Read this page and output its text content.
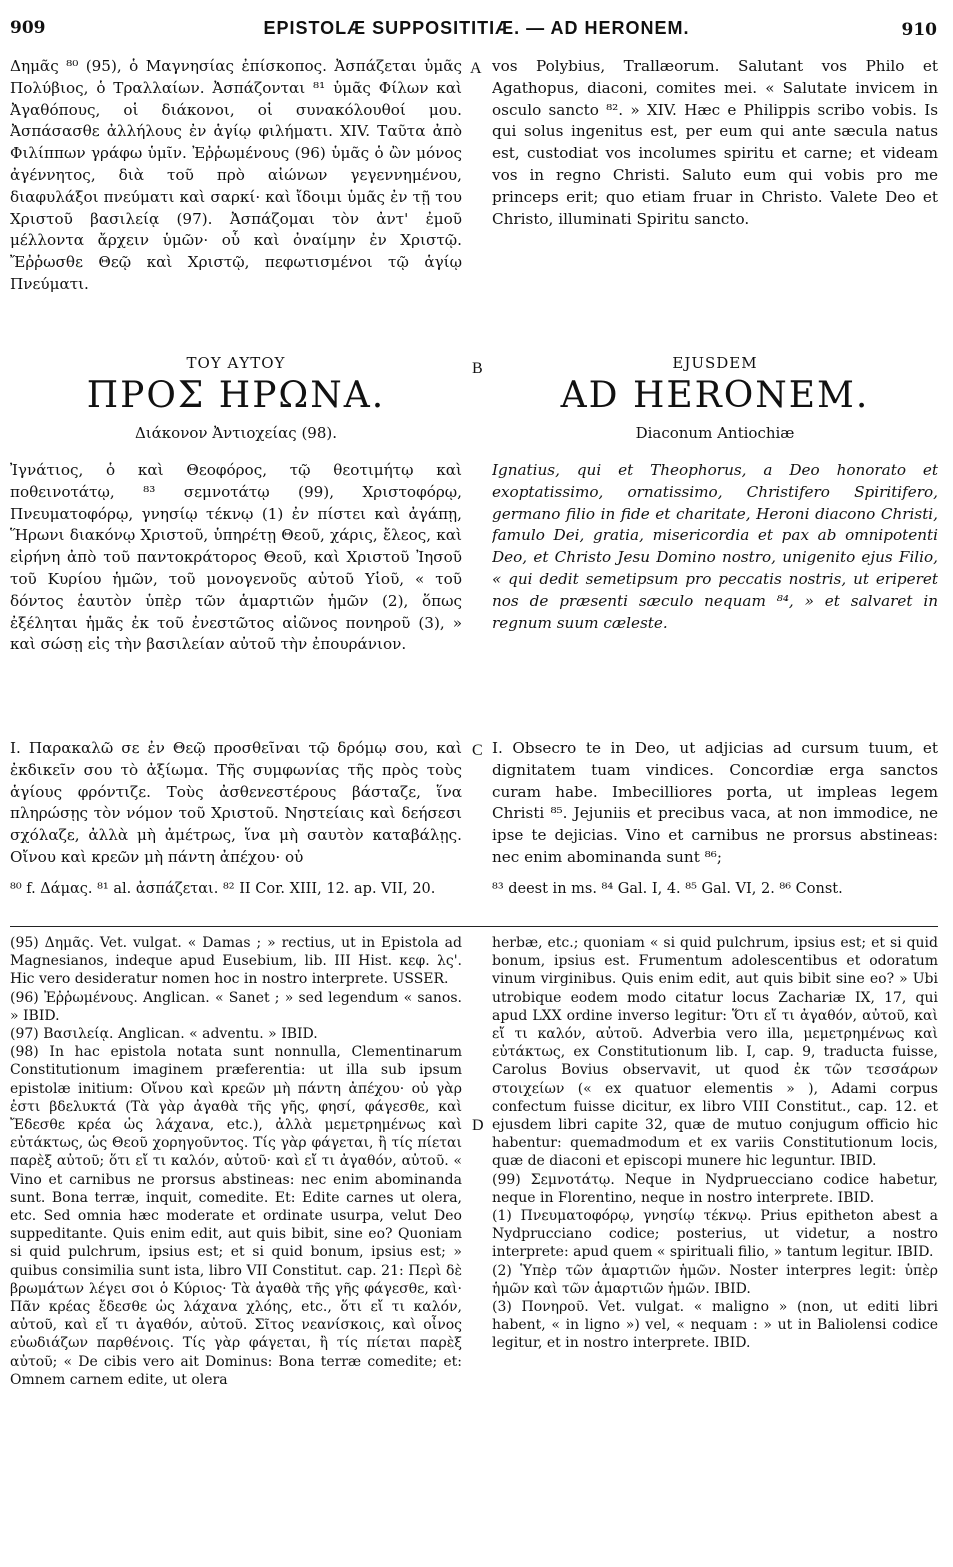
909	EPISTOLÆ SUPPOSITITIÆ. — AD HERONEM.	910
A
B
C
D

Δημᾶς ⁸⁰ (95), ὁ Μαγνησίας ἐπίσκοπος. Ἀσπάζεται ὑμᾶς Πολύβιος, ὁ Τραλλαίων. Ἀσπάζονται ⁸¹ ὑμᾶς Φίλων καὶ Ἀγαθόπους, οἱ διάκονοι, οἱ συνακόλουθοί μου. Ἀσπάσασθε ἀλλήλους ἐν ἁγίῳ φιλήματι. XIV. Ταῦτα ἀπὸ Φιλίππων γράφω ὑμῖν. Ἐῤῥωμένους (96) ὑμᾶς ὁ ὢν μόνος ἀγέννητος, διὰ τοῦ πρὸ αἰώνων γεγεννημένου, διαφυλάξοι πνεύματι καὶ σαρκί· καὶ ἴδοιμι ὑμᾶς ἐν τῇ του Χριστοῦ βασιλείᾳ (97). Ἀσπάζομαι τὸν ἀντ' ἐμοῦ μέλλοντα ἄρχειν ὑμῶν· οὗ καὶ ὀναίμην ἐν Χριστῷ. Ἔῤῥωσθε Θεῷ καὶ Χριστῷ, πεφωτισμένοι τῷ ἁγίῳ Πνεύματι.

vos Polybius, Trallæorum. Salutant vos Philo et Agathopus, diaconi, comites mei. « Salutate invicem in osculo sancto ⁸². » XIV. Hæc e Philippis scribo vobis. Is qui solus ingenitus est, per eum qui ante sæcula natus est, custodiat vos incolumes spiritu et carne; et videam vos in regno Christi. Saluto eum qui vobis pro me princeps erit; quo etiam fruar in Christo. Valete Deo et Christo, illuminati Spiritu sancto.

ΤΟΥ ΑΥΤΟΥ
ΠΡΟΣ ΗΡΩΝΑ.
Διάκονον Ἀντιοχείας (98).
EJUSDEM
AD HERONEM.
Diaconum Antiochiæ

Ἰγνάτιος, ὁ καὶ Θεοφόρος, τῷ θεοτιμήτῳ καὶ ποθεινοτάτῳ, ⁸³ σεμνοτάτῳ (99), Χριστοφόρῳ, Πνευματοφόρῳ, γνησίῳ τέκνῳ (1) ἐν πίστει καὶ ἀγάπῃ, Ἥρωνι διακόνῳ Χριστοῦ, ὑπηρέτῃ Θεοῦ, χάρις, ἔλεος, καὶ εἰρήνη ἀπὸ τοῦ παντοκράτορος Θεοῦ, καὶ Χριστοῦ Ἰησοῦ τοῦ Κυρίου ἡμῶν, τοῦ μονογενοῦς αὐτοῦ Υἱοῦ, « τοῦ δόντος ἑαυτὸν ὑπὲρ τῶν ἁμαρτιῶν ἡμῶν (2), ὅπως ἐξέληται ἡμᾶς ἐκ τοῦ ἐνεστῶτος αἰῶνος πονηροῦ (3), » καὶ σώσῃ εἰς τὴν βασιλείαν αὐτοῦ τὴν ἐπουράνιον.

Ignatius, qui et Theophorus, a Deo honorato et exoptatissimo, ornatissimo, Christifero Spiritifero, germano filio in fide et charitate, Heroni diacono Christi, famulo Dei, gratia, misericordia et pax ab omnipotenti Deo, et Christo Jesu Domino nostro, unigenito ejus Filio, « qui dedit semetipsum pro peccatis nostris, ut eriperet nos de præsenti sæculo nequam ⁸⁴, » et salvaret in regnum suum cæleste.

I. Παρακαλῶ σε ἐν Θεῷ προσθεῖναι τῷ δρόμῳ σου, καὶ ἐκδικεῖν σου τὸ ἀξίωμα. Τῆς συμφωνίας τῆς πρὸς τοὺς ἁγίους φρόντιζε. Τοὺς ἀσθενεστέρους βάσταζε, ἵνα πληρώσῃς τὸν νόμον τοῦ Χριστοῦ. Νηστείαις καὶ δεήσεσι σχόλαζε, ἀλλὰ μὴ ἀμέτρως, ἵνα μὴ σαυτὸν καταβάλῃς. Οἴνου καὶ κρεῶν μὴ πάντη ἀπέχου· οὐ

I. Obsecro te in Deo, ut adjicias ad cursum tuum, et dignitatem tuam vindices. Concordiæ erga sanctos curam habe. Imbecilliores porta, ut impleas legem Christi ⁸⁵. Jejuniis et precibus vaca, at non immodice, ne ipse te dejicias. Vino et carnibus ne prorsus abstineas: nec enim abominanda sunt ⁸⁶;

⁸⁰ f. Δάμας. ⁸¹ al. ἀσπάζεται. ⁸² II Cor. XIII, 12. ap. VII, 20.	⁸³ deest in ms. ⁸⁴ Gal. I, 4. ⁸⁵ Gal. VI, 2. ⁸⁶ Const.

(95) Δημᾶς. Vet. vulgat. « Damas ; » rectius, ut in Epistola ad Magnesianos, indeque apud Eusebium, lib. III Hist. κεφ. λς'. Hic vero desideratur nomen hoc in nostro interprete. USSER.

(96) Ἐῤῥωμένους. Anglican. « Sanet ; » sed legendum « sanos. » IBID.

(97) Βασιλείᾳ. Anglican. « adventu. » IBID.

(98) In hac epistola notata sunt nonnulla, Clementinarum Constitutionum imaginem præferentia: ut illa sub ipsum epistolæ initium: Οἴνου καὶ κρεῶν μὴ πάντη ἀπέχου· οὐ γὰρ ἐστι βδελυκτά (Τὰ γὰρ ἀγαθὰ τῆς γῆς, φησί, φάγεσθε, καὶ Ἔδεσθε κρέα ὡς λάχανα, etc.), ἀλλὰ μεμετρημένως καὶ εὐτάκτως, ὡς Θεοῦ χορηγοῦντος. Τίς γὰρ φάγεται, ἢ τίς πίεται παρὲξ αὐτοῦ; ὅτι εἴ τι καλόν, αὐτοῦ· καὶ εἴ τι ἀγαθόν, αὐτοῦ. « Vino et carnibus ne prorsus abstineas: nec enim abominanda sunt. Bona terræ, inquit, comedite. Et: Edite carnes ut olera, etc. Sed omnia hæc moderate et ordinate usurpa, velut Deo suppeditante. Quis enim edit, aut quis bibit, sine eo? Quoniam si quid pulchrum, ipsius est; et si quid bonum, ipsius est; » quibus consimilia sunt ista, libro VII Constitut. cap. 21: Περὶ δὲ βρωμάτων λέγει σοι ὁ Κύριος· Τὰ ἀγαθὰ τῆς γῆς φάγεσθε, καὶ· Πᾶν κρέας ἔδεσθε ὡς λάχανα χλόης, etc., ὅτι εἴ τι καλόν, αὐτοῦ, καὶ εἴ τι ἀγαθόν, αὐτοῦ. Σῖτος νεανίσκοις, καὶ οἶνος εὐωδιάζων παρθένοις. Τίς γὰρ φάγεται, ἢ τίς πίεται παρὲξ αὐτοῦ; « De cibis vero ait Dominus: Bona terræ comedite; et: Omnem carnem edite, ut olera

herbæ, etc.; quoniam « si quid pulchrum, ipsius est; et si quid bonum, ipsius est. Frumentum adolescentibus et odoratum vinum virginibus. Quis enim edit, aut quis bibit sine eo? » Ubi utrobique eodem modo citatur locus Zachariæ IX, 17, qui apud LXX ordine inverso legitur: Ὅτι εἴ τι ἀγαθόν, αὐτοῦ, καὶ εἴ τι καλόν, αὐτοῦ. Adverbia vero illa, μεμετρημένως καὶ εὐτάκτως, ex Constitutionum lib. I, cap. 9, traducta fuisse, Carolus Bovius observavit, ut quod ἐκ τῶν τεσσάρων στοιχείων (« ex quatuor elementis » ), Adami corpus confectum fuisse dicitur, ex libro VIII Constitut., cap. 12. et ejusdem libri capite 32, quæ de mutuo conjugum officio hic habentur: quemadmodum et ex variis Constitutionum locis, quæ de diaconi et episcopi munere hic leguntur. IBID.

(99) Σεμνοτάτῳ. Neque in Nydpruecciano codice habetur, neque in Florentino, neque in nostro interprete. IBID.

(1) Πνευματοφόρῳ, γνησίῳ τέκνῳ. Prius epitheton abest a Nydprucciano codice; posterius, ut videtur, a nostro interprete: apud quem « spirituali filio, » tantum legitur. IBID.

(2) Ὑπὲρ τῶν ἁμαρτιῶν ἡμῶν. Noster interpres legit: ὑπὲρ ἡμῶν καὶ τῶν ἁμαρτιῶν ἡμῶν. IBID.

(3) Πονηροῦ. Vet. vulgat. « maligno » (non, ut editi libri habent, « in ligno ») vel, « nequam : » ut in Baliolensi codice legitur, et in nostro interprete. IBID.
